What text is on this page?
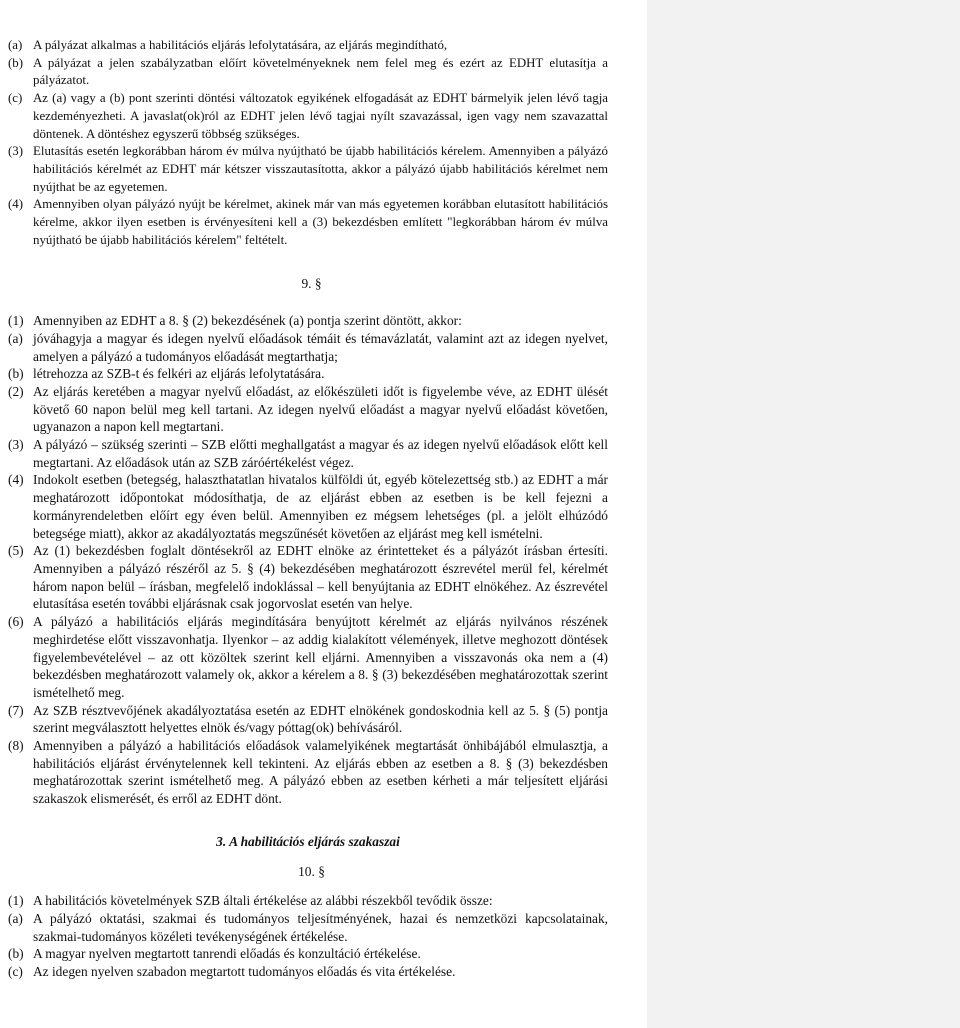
(a) A pályázat alkalmas a habilitációs eljárás lefolytatására, az eljárás megindítható,
(b) A pályázat a jelen szabályzatban előírt követelményeknek nem felel meg és ezért az EDHT elutasítja a pályázatot.
(c) Az (a) vagy a (b) pont szerinti döntési változatok egyikének elfogadását az EDHT bármelyik jelen lévő tagja kezdeményezheti. A javaslat(ok)ról az EDHT jelen lévő tagjai nyílt szavazással, igen vagy nem szavazattal döntenek. A döntéshez egyszerű többség szükséges.
(3) Elutasítás esetén legkorábban három év múlva nyújtható be újabb habilitációs kérelem. Amennyiben a pályázó habilitációs kérelmét az EDHT már kétszer visszautasította, akkor a pályázó újabb habilitációs kérelmet nem nyújthat be az egyetemen.
(4) Amennyiben olyan pályázó nyújt be kérelmet, akinek már van más egyetemen korábban elutasított habilitációs kérelme, akkor ilyen esetben is érvényesíteni kell a (3) bekezdésben említett "legkorábban három év múlva nyújtható be újabb habilitációs kérelem" feltételt.
9. §
(1) Amennyiben az EDHT a 8. § (2) bekezdésének (a) pontja szerint döntött, akkor:
(a) jóváhagyja a magyar és idegen nyelvű előadások témáit és témavázlatát, valamint azt az idegen nyelvet, amelyen a pályázó a tudományos előadását megtarthatja;
(b) létrehozza az SZB-t és felkéri az eljárás lefolytatására.
(2) Az eljárás keretében a magyar nyelvű előadást, az előkészületi időt is figyelembe véve, az EDHT ülését követő 60 napon belül meg kell tartani. Az idegen nyelvű előadást a magyar nyelvű előadást követően, ugyanazon a napon kell megtartani.
(3) A pályázó – szükség szerinti – SZB előtti meghallgatást a magyar és az idegen nyelvű előadások előtt kell megtartani. Az előadások után az SZB záróértékelést végez.
(4) Indokolt esetben (betegség, halaszthatatlan hivatalos külföldi út, egyéb kötelezettség stb.) az EDHT a már meghatározott időpontokat módosíthatja, de az eljárást ebben az esetben is be kell fejezni a kormányrendeletben előírt egy éven belül. Amennyiben ez mégsem lehetséges (pl. a jelölt elhúzódó betegsége miatt), akkor az akadályoztatás megszűnését követően az eljárást meg kell ismételni.
(5) Az (1) bekezdésben foglalt döntésekről az EDHT elnöke az érintetteket és a pályázót írásban értesíti. Amennyiben a pályázó részéről az 5. § (4) bekezdésében meghatározott észrevétel merül fel, kérelmét három napon belül – írásban, megfelelő indoklással – kell benyújtania az EDHT elnökéhez. Az észrevétel elutasítása esetén további eljárásnak csak jogorvoslat esetén van helye.
(6) A pályázó a habilitációs eljárás megindítására benyújtott kérelmét az eljárás nyilvános részének meghirdetése előtt visszavonhatja. Ilyenkor – az addig kialakított vélemények, illetve meghozott döntések figyelembevételével – az ott közöltek szerint kell eljárni. Amennyiben a visszavonás oka nem a (4) bekezdésben meghatározott valamely ok, akkor a kérelem a 8. § (3) bekezdésében meghatározottak szerint ismételhető meg.
(7) Az SZB résztvevőjének akadályoztatása esetén az EDHT elnökének gondoskodnia kell az 5. § (5) pontja szerint megválasztott helyettes elnök és/vagy póttag(ok) behívásáról.
(8) Amennyiben a pályázó a habilitációs előadások valamelyikének megtartását önhibájából elmulasztja, a habilitációs eljárást érvénytelennek kell tekinteni. Az eljárás ebben az esetben a 8. § (3) bekezdésben meghatározottak szerint ismételhető meg. A pályázó ebben az esetben kérheti a már teljesített eljárási szakaszok elismerését, és erről az EDHT dönt.
3. A habilitációs eljárás szakaszai
10. §
(1) A habilitációs követelmények SZB általi értékelése az alábbi részekből tevődik össze:
(a) A pályázó oktatási, szakmai és tudományos teljesítményének, hazai és nemzetközi kapcsolatainak, szakmai-tudományos közéleti tevékenységének értékelése.
(b) A magyar nyelven megtartott tanrendi előadás és konzultáció értékelése.
(c) Az idegen nyelven szabadon megtartott tudományos előadás és vita értékelése.
